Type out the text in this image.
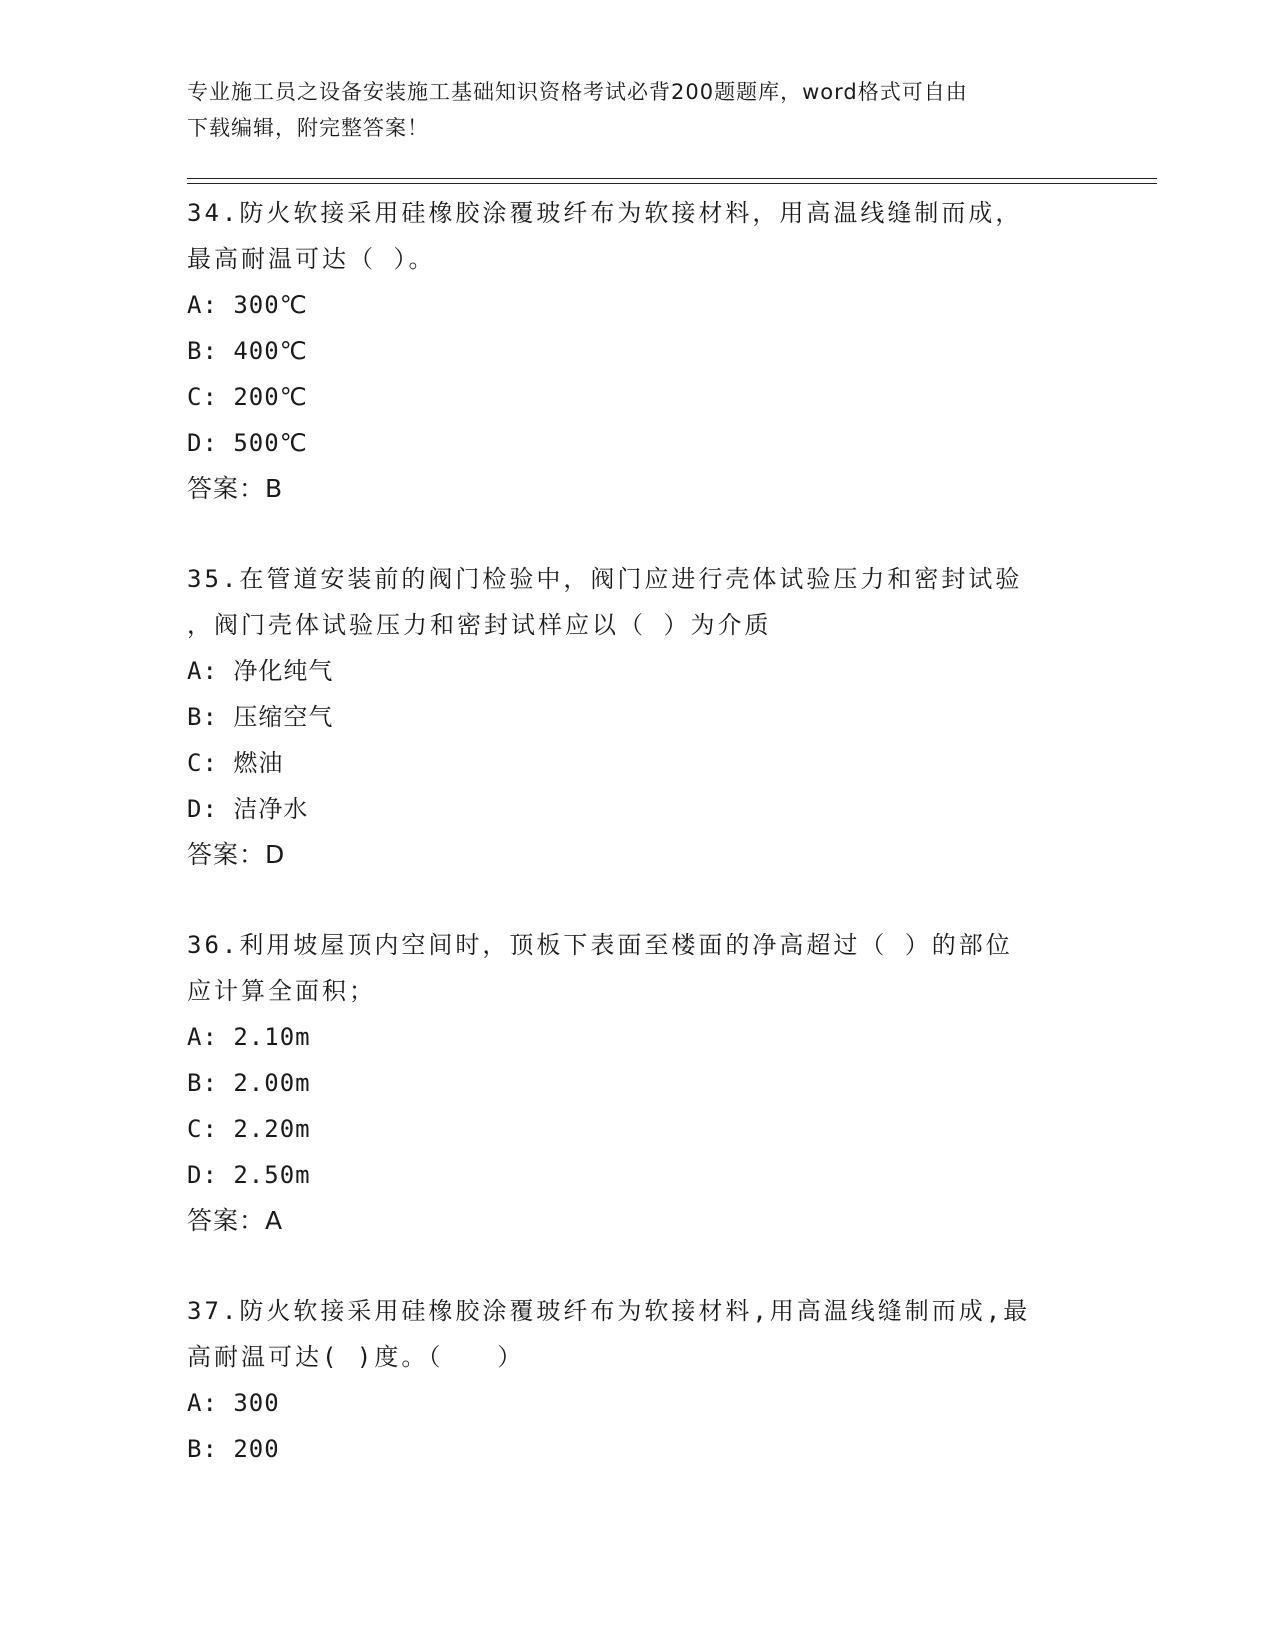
专业施工员之设备安装施工基础知识资格考试必背200题题库，word格式可自由
下载编辑，附完整答案！
34.防火软接采用硅橡胶涂覆玻纤布为软接材料，用高温线缝制而成，
最高耐温可达（ ）。
A: 300℃
B: 400℃
C: 200℃
D: 500℃
答案：B
35.在管道安装前的阀门检验中，阀门应进行壳体试验压力和密封试验
，阀门壳体试验压力和密封试样应以（ ）为介质
A: 净化纯气
B: 压缩空气
C: 燃油
D: 洁净水
答案：D
36.利用坡屋顶内空间时，顶板下表面至楼面的净高超过（ ）的部位
应计算全面积；
A: 2.10m
B: 2.00m
C: 2.20m
D: 2.50m
答案：A
37.防火软接采用硅橡胶涂覆玻纤布为软接材料,用高温线缝制而成,最
高耐温可达( )度。（　　）
A: 300
B: 200
